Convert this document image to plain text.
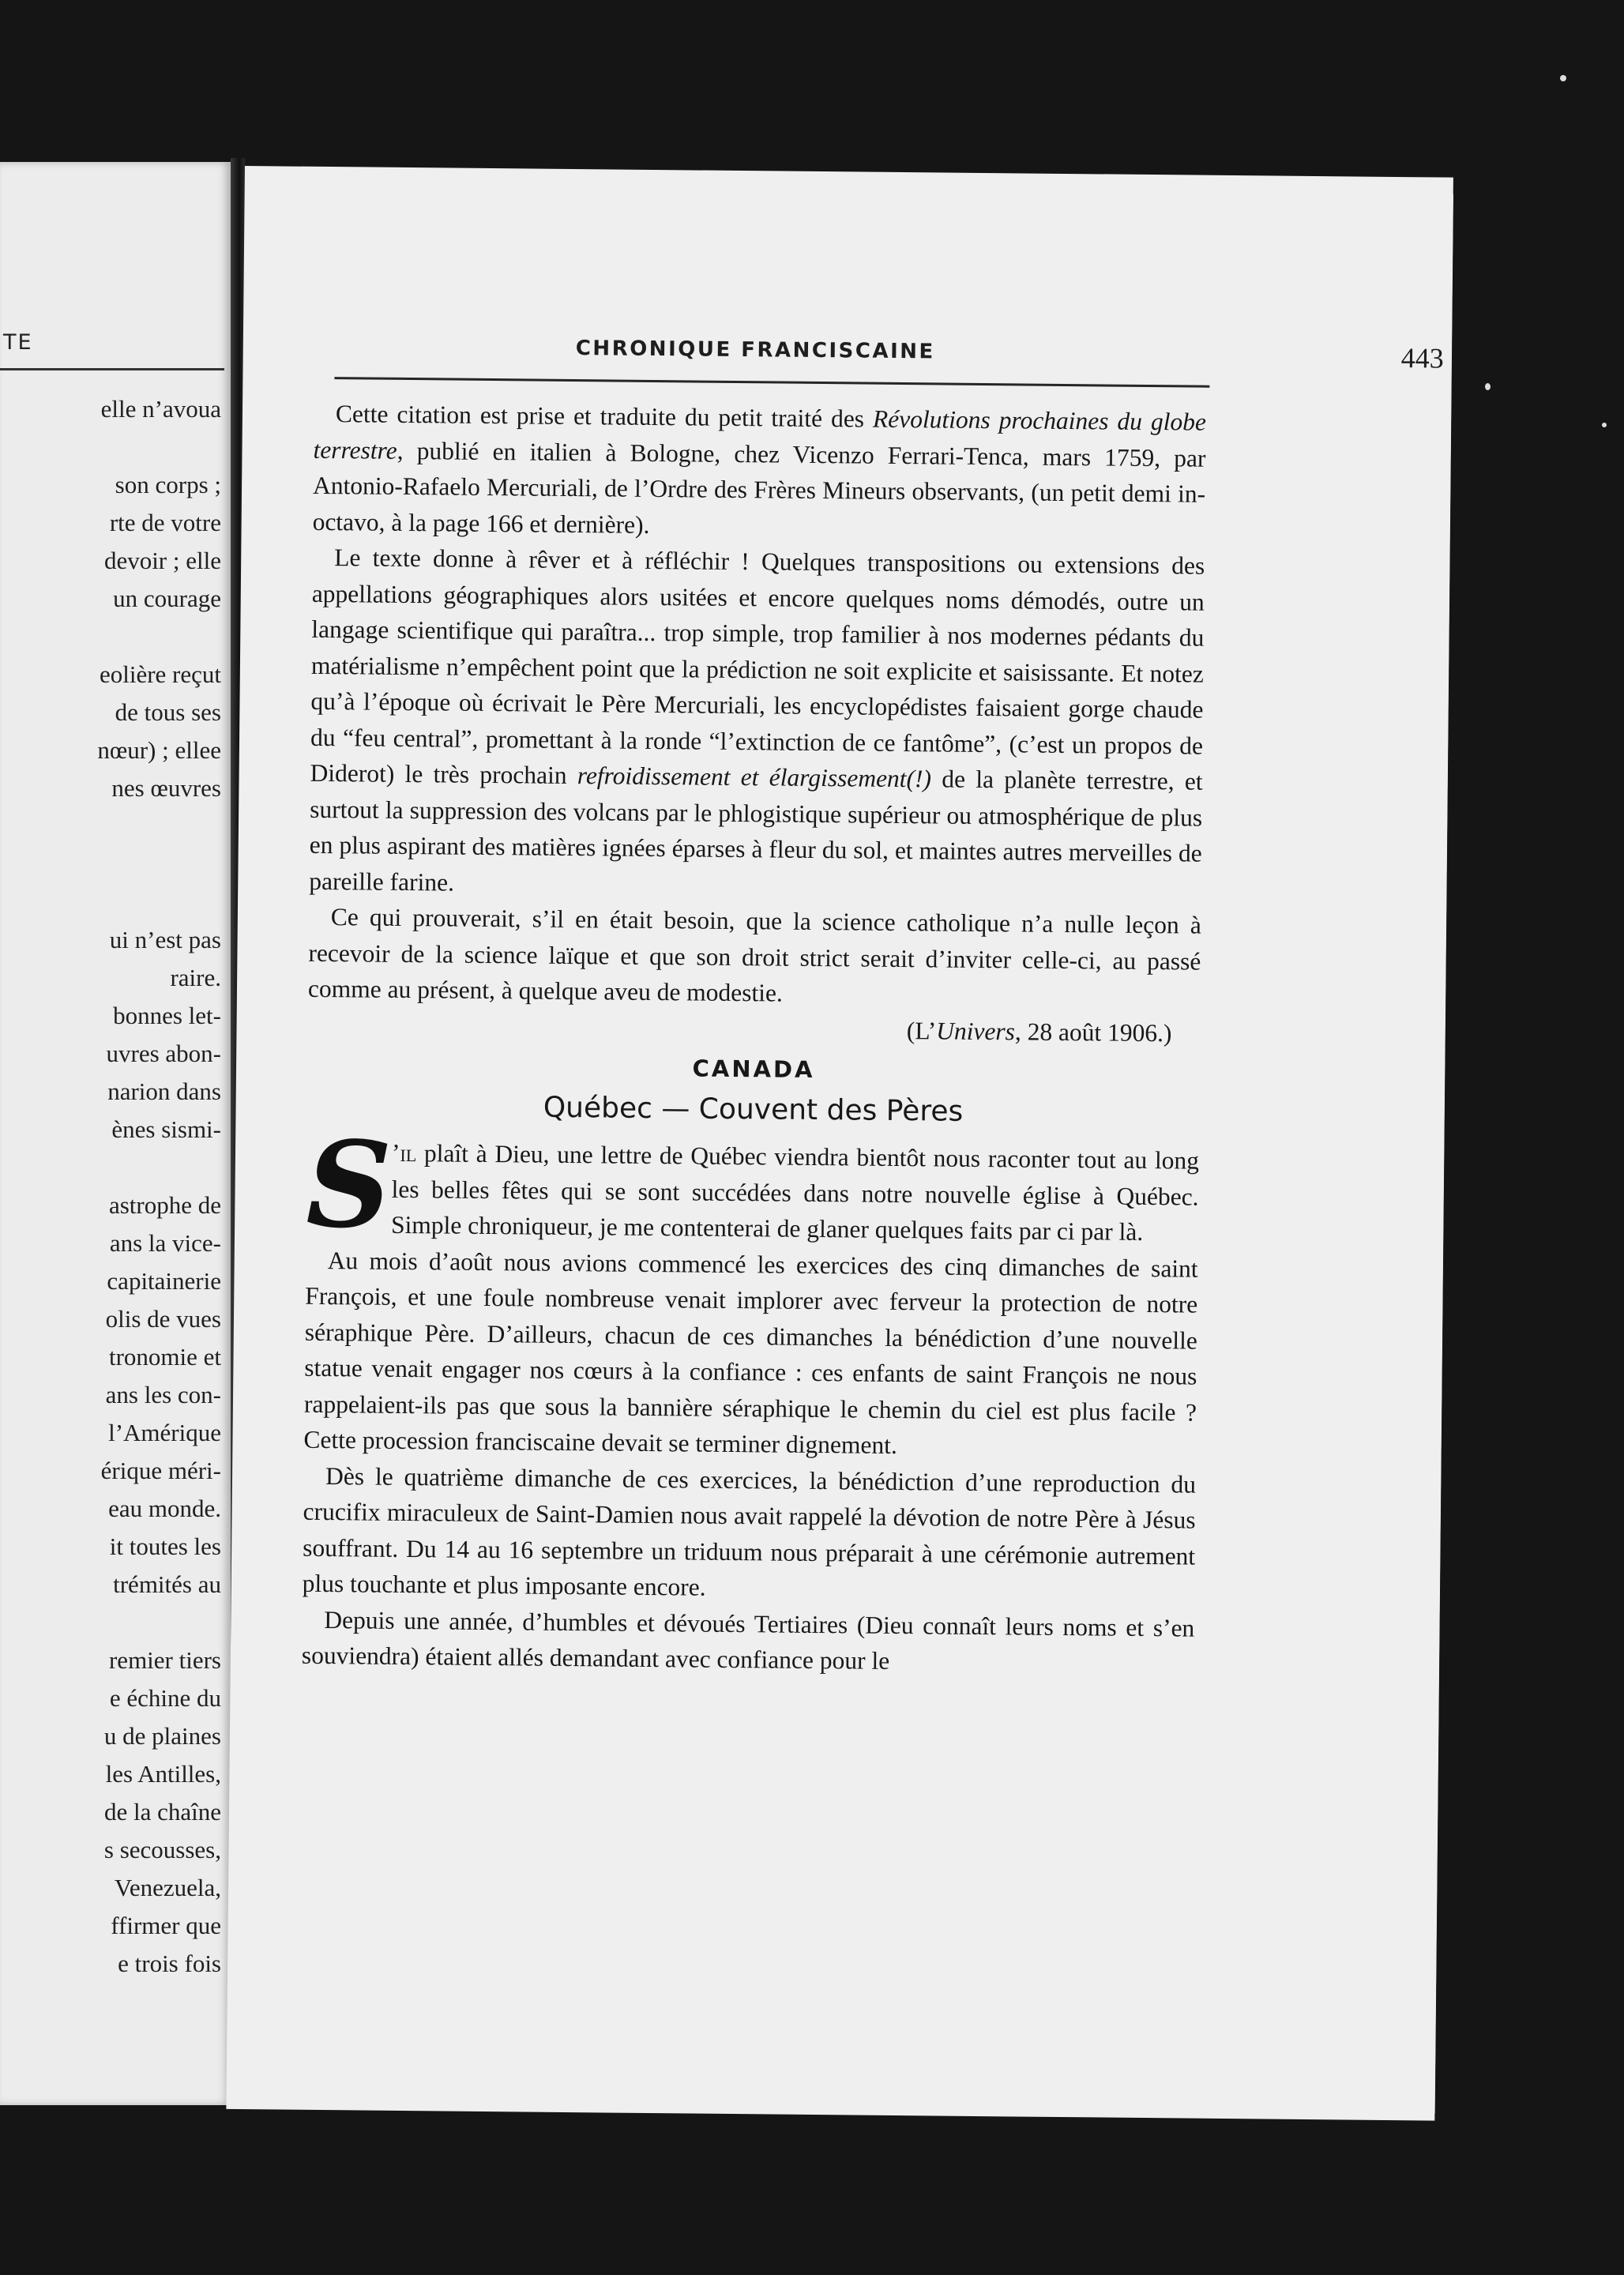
TE
elle n’avoua
son corps ;
rte de votre
devoir ; elle
un courage
eolière reçut
de tous ses
nœur) ; ellee
nes œuvres
ui n’est pas
raire.
bonnes let-
uvres abon-
narion dans
ènes sismi-
astrophe de
ans la vice-
capitainerie
olis de vues
tronomie et
ans les con-
l’Amérique
érique méri-
eau monde.
it toutes les
trémités au
remier tiers
e échine du
u de plaines
les Antilles,
de la chaîne
s secousses,
Venezuela,
ffirmer que
e trois fois
CHRONIQUE FRANCISCAINE	443

Cette citation est prise et traduite du petit traité des Révolutions prochaines du globe terrestre, publié en italien à Bologne, chez Vicenzo Ferrari-Tenca, mars 1759, par Antonio-Rafaelo Mercuriali, de l’Ordre des Frères Mineurs observants, (un petit demi in-octavo, à la page 166 et dernière).

Le texte donne à rêver et à réfléchir ! Quelques transpositions ou extensions des appellations géographiques alors usitées et encore quelques noms démodés, outre un langage scientifique qui paraîtra... trop simple, trop familier à nos modernes pédants du matérialisme n’empêchent point que la prédiction ne soit explicite et saisissante. Et notez qu’à l’époque où écrivait le Père Mercuriali, les encyclopédistes faisaient gorge chaude du “feu central”, promettant à la ronde “l’extinction de ce fantôme”, (c’est un propos de Diderot) le très prochain refroidissement et élargissement(!) de la planète terrestre, et surtout la suppression des volcans par le phlogistique supérieur ou atmosphérique de plus en plus aspirant des matières ignées éparses à fleur du sol, et maintes autres merveilles de pareille farine.

Ce qui prouverait, s’il en était besoin, que la science catholique n’a nulle leçon à recevoir de la science laïque et que son droit strict serait d’inviter celle-ci, au passé comme au présent, à quelque aveu de modestie.

(L’Univers, 28 août 1906.)
CANADA
Québec — Couvent des Pères

S ’il plaît à Dieu, une lettre de Québec viendra bientôt nous raconter tout au long les belles fêtes qui se sont succédées dans notre nouvelle église à Québec. Simple chroniqueur, je me contenterai de glaner quelques faits par ci par là.

Au mois d’août nous avions commencé les exercices des cinq dimanches de saint François, et une foule nombreuse venait implorer avec ferveur la protection de notre séraphique Père. D’ailleurs, chacun de ces dimanches la bénédiction d’une nouvelle statue venait engager nos cœurs à la confiance : ces enfants de saint François ne nous rappelaient-ils pas que sous la bannière séraphique le chemin du ciel est plus facile ? Cette procession franciscaine devait se terminer dignement.

Dès le quatrième dimanche de ces exercices, la bénédiction d’une reproduction du crucifix miraculeux de Saint-Damien nous avait rappelé la dévotion de notre Père à Jésus souffrant. Du 14 au 16 septembre un triduum nous préparait à une cérémonie autrement plus touchante et plus imposante encore.

Depuis une année, d’humbles et dévoués Tertiaires (Dieu connaît leurs noms et s’en souviendra) étaient allés demandant avec confiance pour le
